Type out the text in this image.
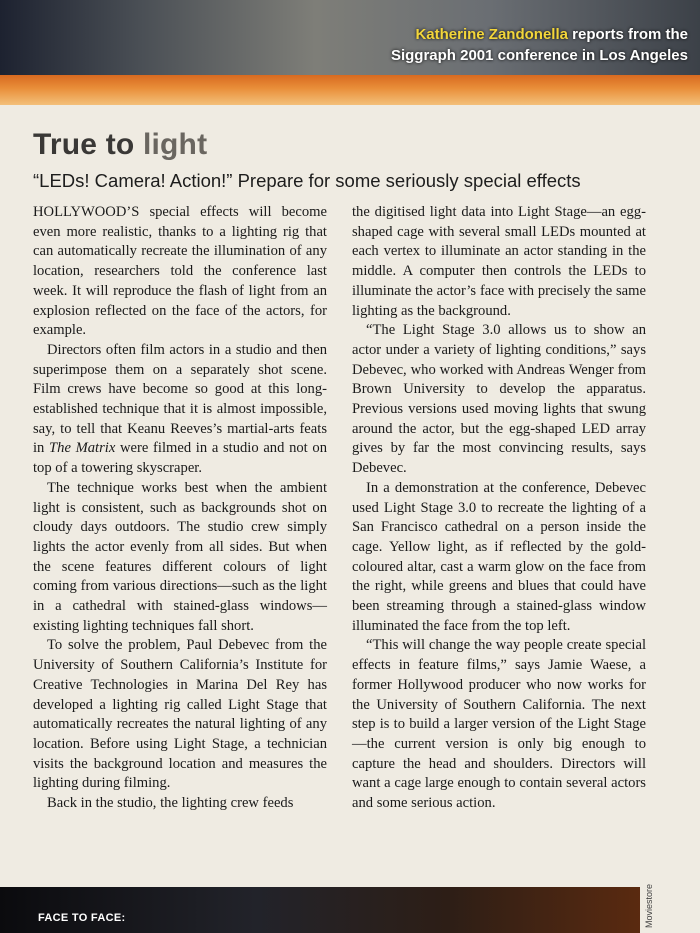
Katherine Zandonella reports from the
Siggraph 2001 conference in Los Angeles
True to light

“LEDs! Camera! Action!” Prepare for some seriously special effects

HOLLYWOOD’S special effects will become even more realistic, thanks to a lighting rig that can automatically recreate the illumination of any location, researchers told the conference last week. It will reproduce the flash of light from an explosion reflected on the face of the actors, for example.

Directors often film actors in a studio and then superimpose them on a separately shot scene. Film crews have become so good at this long-established technique that it is almost impossible, say, to tell that Keanu Reeves’s martial-arts feats in The Matrix were filmed in a studio and not on top of a towering skyscraper.

The technique works best when the ambient light is consistent, such as backgrounds shot on cloudy days outdoors. The studio crew simply lights the actor evenly from all sides. But when the scene features different colours of light coming from various directions—such as the light in a cathedral with stained-glass windows—existing lighting techniques fall short.

To solve the problem, Paul Debevec from the University of Southern California’s Institute for Creative Technologies in Marina Del Rey has developed a lighting rig called Light Stage that automatically recreates the natural lighting of any location. Before using Light Stage, a technician visits the background location and measures the lighting during filming.

Back in the studio, the lighting crew feeds

the digitised light data into Light Stage—an egg-shaped cage with several small LEDs mounted at each vertex to illuminate an actor standing in the middle. A computer then controls the LEDs to illuminate the actor’s face with precisely the same lighting as the background.

“The Light Stage 3.0 allows us to show an actor under a variety of lighting conditions,” says Debevec, who worked with Andreas Wenger from Brown University to develop the apparatus. Previous versions used moving lights that swung around the actor, but the egg-shaped LED array gives by far the most convincing results, says Debevec.

In a demonstration at the conference, Debevec used Light Stage 3.0 to recreate the lighting of a San Francisco cathedral on a person inside the cage. Yellow light, as if reflected by the gold-coloured altar, cast a warm glow on the face from the right, while greens and blues that could have been streaming through a stained-glass window illuminated the face from the top left.

“This will change the way people create special effects in feature films,” says Jamie Waese, a former Hollywood producer who now works for the University of Southern California. The next step is to build a larger version of the Light Stage—the current version is only big enough to capture the head and shoulders. Directors will want a cage large enough to contain several actors and some serious action.

FACE TO FACE:	Moviestore
